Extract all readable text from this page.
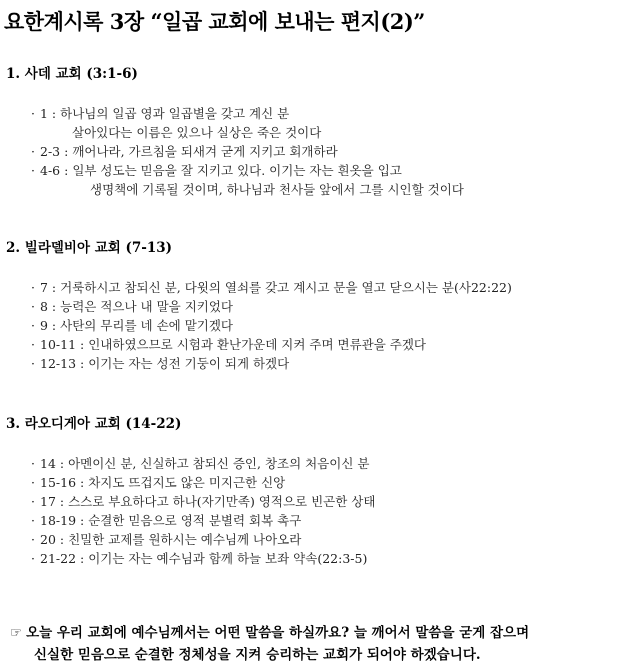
요한계시록 3장 “일곱 교회에 보내는 편지(2)”
1. 사데 교회 (3:1-6)
· 1 : 하나님의 일곱 영과 일곱별을 갖고 계신 분
살아있다는 이름은 있으나 실상은 죽은 것이다
· 2-3 : 깨어나라, 가르침을 되새겨 굳게 지키고 회개하라
· 4-6 : 일부 성도는 믿음을 잘 지키고 있다. 이기는 자는 흰옷을 입고
생명책에 기록될 것이며, 하나님과 천사들 앞에서 그를 시인할 것이다
2. 빌라델비아 교회 (7-13)
· 7 : 거룩하시고 참되신 분, 다윗의 열쇠를 갖고 계시고 문을 열고 닫으시는 분(사22:22)
· 8 : 능력은 적으나 내 말을 지키었다
· 9 : 사탄의 무리를 네 손에 맡기겠다
· 10-11 : 인내하였으므로 시험과 환난가운데 지켜 주며 면류관을 주겠다
· 12-13 : 이기는 자는 성전 기둥이 되게 하겠다
3. 라오디게아 교회 (14-22)
· 14 : 아멘이신 분, 신실하고 참되신 증인, 창조의 처음이신 분
· 15-16 : 차지도 뜨겁지도 않은 미지근한 신앙
· 17 : 스스로 부요하다고 하나(자기만족) 영적으로 빈곤한 상태
· 18-19 : 순결한 믿음으로 영적 분별력 회복 촉구
· 20 : 친밀한 교제를 원하시는 예수님께 나아오라
· 21-22 : 이기는 자는 예수님과 함께 하늘 보좌 약속(22:3-5)

☞ 오늘 우리 교회에 예수님께서는 어떤 말씀을 하실까요? 늘 깨어서 말씀을 굳게 잡으며
신실한 믿음으로 순결한 정체성을 지켜 승리하는 교회가 되어야 하겠습니다.
